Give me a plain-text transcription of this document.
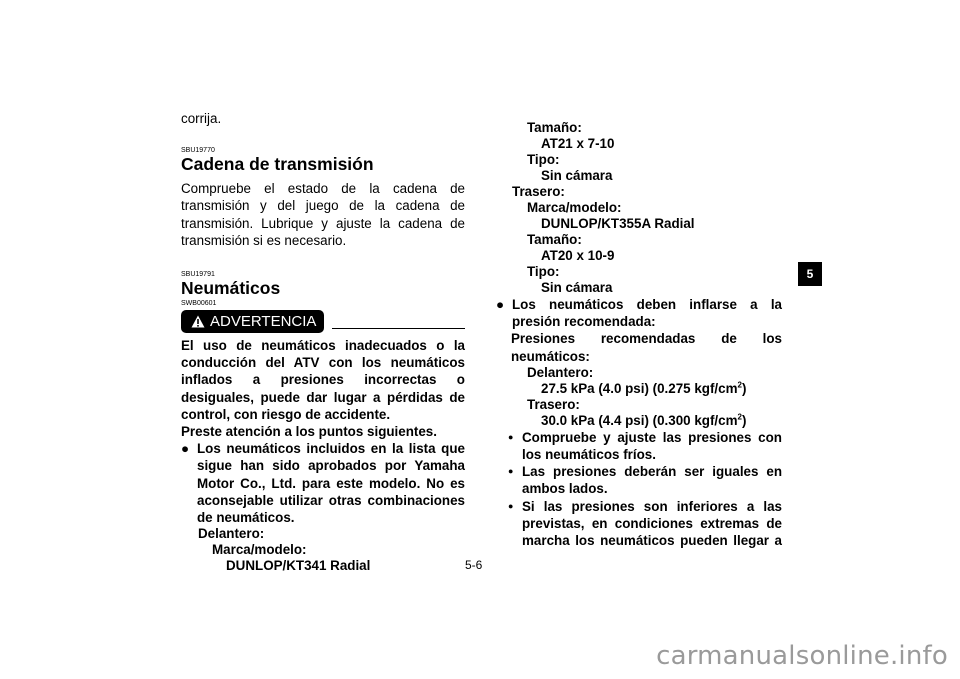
corrija.
SBU19770
Cadena de transmisión
Compruebe el estado de la cadena de transmisión y del juego de la cadena de transmisión. Lubrique y ajuste la cadena de transmisión si es necesario.
SBU19791
Neumáticos
SWB00601
ADVERTENCIA
El uso de neumáticos inadecuados o la conducción del ATV con los neumáticos inflados a presiones incorrectas o desiguales, puede dar lugar a pérdidas de control, con riesgo de accidente.
Preste atención a los puntos siguientes.
● Los neumáticos incluidos en la lista que sigue han sido aprobados por Yamaha Motor Co., Ltd. para este modelo. No es aconsejable utilizar otras combinaciones de neumáticos.
Delantero:
Marca/modelo:
DUNLOP/KT341 Radial
Tamaño:
AT21 x 7-10
Tipo:
Sin cámara
Trasero:
Marca/modelo:
DUNLOP/KT355A Radial
Tamaño:
AT20 x 10-9
Tipo:
Sin cámara
● Los neumáticos deben inflarse a la presión recomendada:
Presiones recomendadas de los neumáticos:
Delantero:
27.5 kPa (4.0 psi) (0.275 kgf/$cm^2$)
Trasero:
30.0 kPa (4.4 psi) (0.300 kgf/$cm^2$)
● Compruebe y ajuste las presiones con los neumáticos fríos.
● Las presiones deberán ser iguales en ambos lados.
● Si las presiones son inferiores a las previstas, en condiciones extremas de marcha los neumáticos pueden llegar a
5
5-6
carmanualsonline.info
